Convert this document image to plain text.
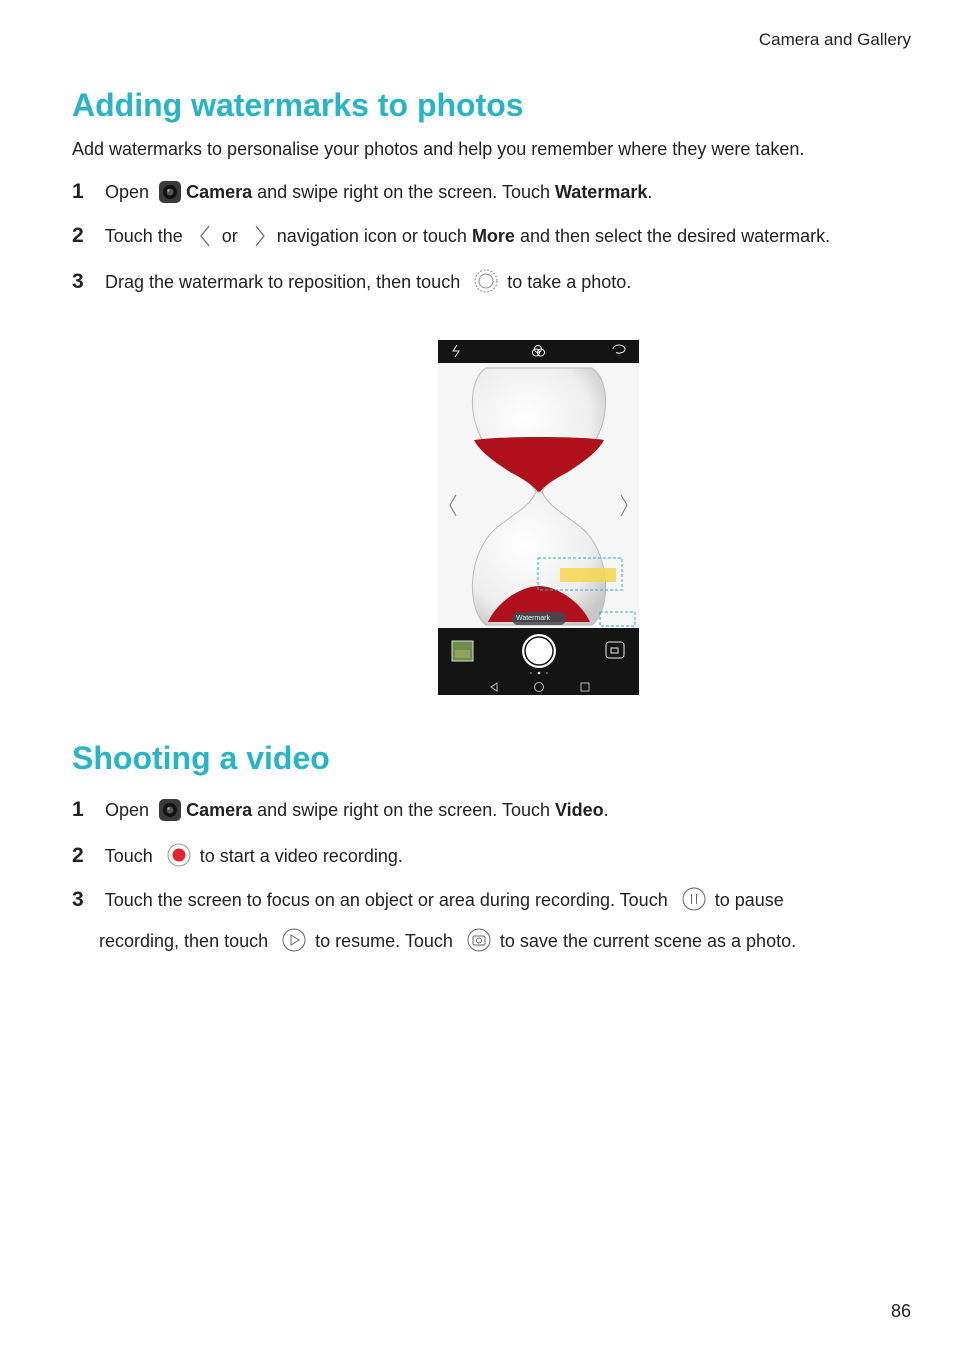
Camera and Gallery
Adding watermarks to photos
Add watermarks to personalise your photos and help you remember where they were taken.
1 Open Camera and swipe right on the screen. Touch Watermark.
2 Touch the or navigation icon or touch More and then select the desired watermark.
3 Drag the watermark to reposition, then touch	to take a photo.
Watermark
Shooting a video
1 Open Camera and swipe right on the screen. Touch Video.
2 Touch	to start a video recording.
3 Touch the screen to focus on an object or area during recording. Touch	to pause
recording, then touch	to resume. Touch	to save the current scene as a photo.
86
